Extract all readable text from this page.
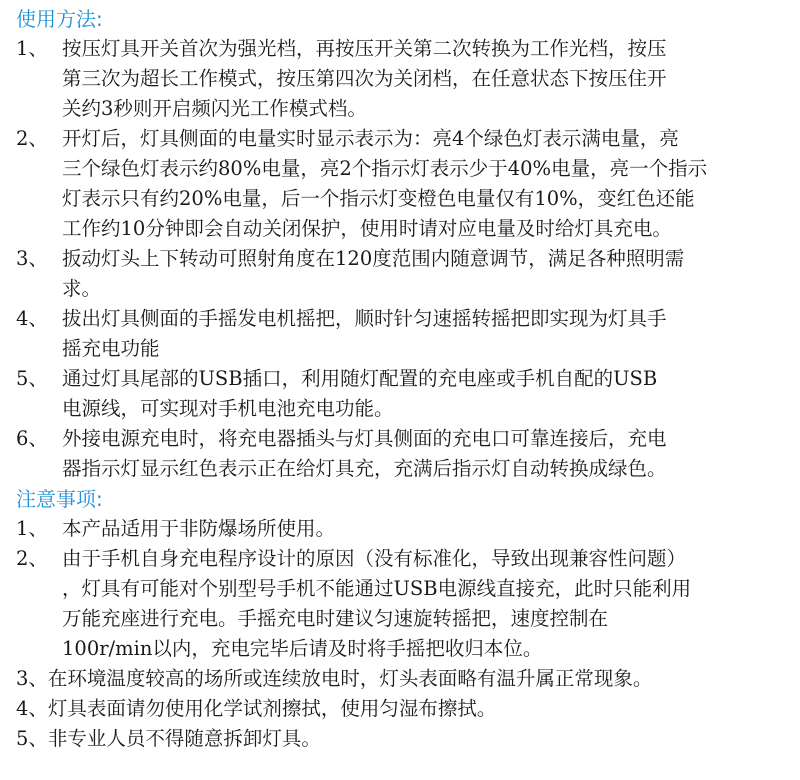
使用方法:
1、 按压灯具开关首次为强光档，再按压开关第二次转换为工作光档，按压
第三次为超长工作模式，按压第四次为关闭档，在任意状态下按压住开
关约3秒则开启频闪光工作模式档。
2、 开灯后，灯具侧面的电量实时显示表示为：亮4个绿色灯表示满电量，亮
三个绿色灯表示约80%电量，亮2个指示灯表示少于40%电量，亮一个指示
灯表示只有约20%电量，后一个指示灯变橙色电量仅有10%，变红色还能
工作约10分钟即会自动关闭保护，使用时请对应电量及时给灯具充电。
3、 扳动灯头上下转动可照射角度在120度范围内随意调节，满足各种照明需
求。
4、 拔出灯具侧面的手摇发电机摇把，顺时针匀速摇转摇把即实现为灯具手
摇充电功能
5、 通过灯具尾部的USB插口，利用随灯配置的充电座或手机自配的USB
电源线，可实现对手机电池充电功能。
6、 外接电源充电时，将充电器插头与灯具侧面的充电口可靠连接后，充电
器指示灯显示红色表示正在给灯具充，充满后指示灯自动转换成绿色。
注意事项:
1、 本产品适用于非防爆场所使用。
2、 由于手机自身充电程序设计的原因（没有标准化，导致出现兼容性问题）
，灯具有可能对个别型号手机不能通过USB电源线直接充，此时只能利用
万能充座进行充电。手摇充电时建议匀速旋转摇把，速度控制在
100r/min以内，充电完毕后请及时将手摇把收归本位。
3、在环境温度较高的场所或连续放电时，灯头表面略有温升属正常现象。
4、灯具表面请勿使用化学试剂擦拭，使用匀湿布擦拭。
5、非专业人员不得随意拆卸灯具。
